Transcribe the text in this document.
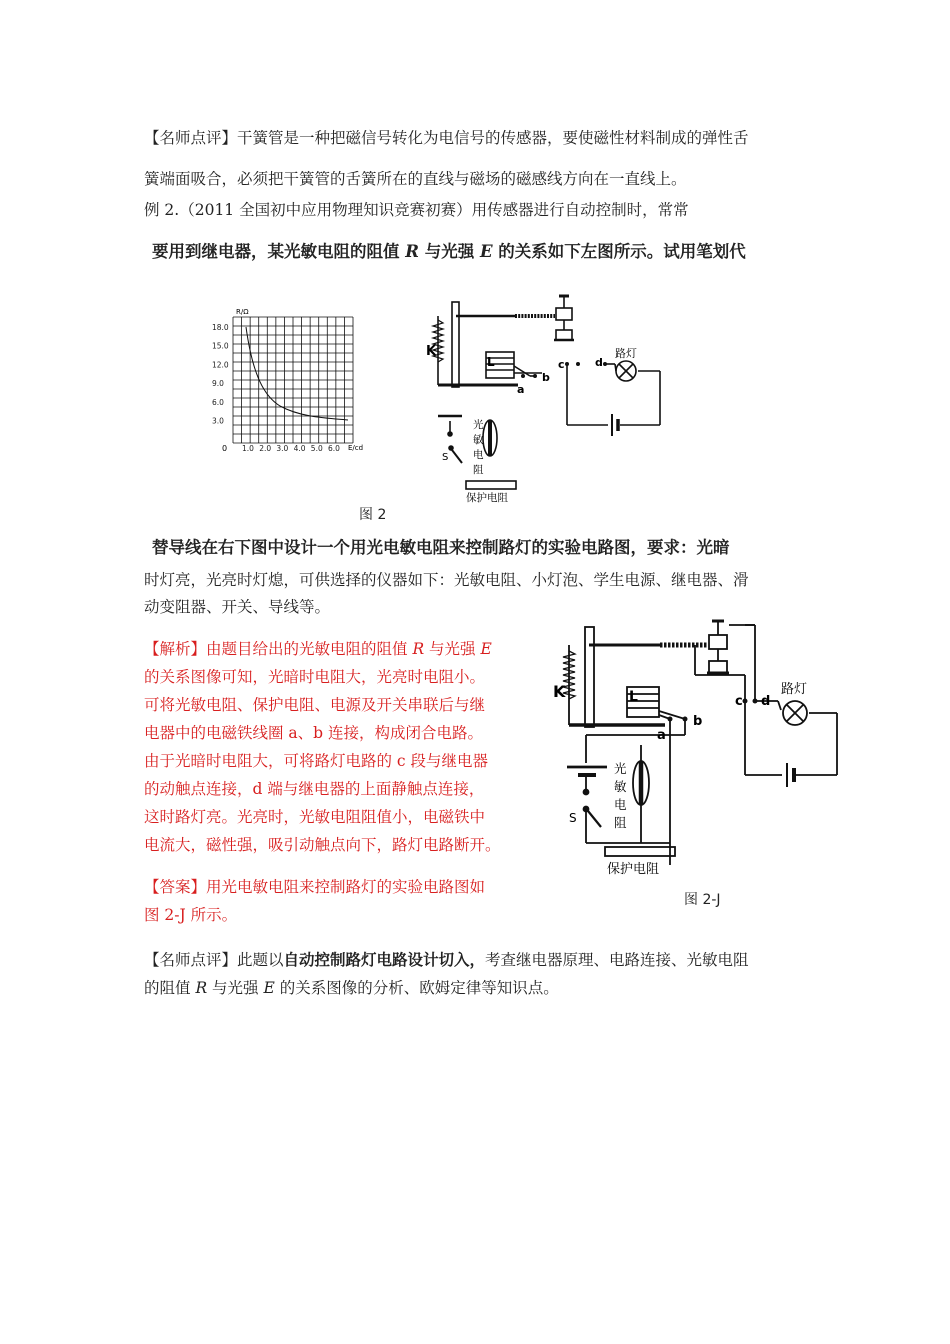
【名师点评】干簧管是一种把磁信号转化为电信号的传感器，要使磁性材料制成的弹性舌
簧端面吸合，必须把干簧管的舌簧所在的直线与磁场的磁感线方向在一直线上。
例 2.（2011 全国初中应用物理知识竞赛初赛）用传感器进行自动控制时，常常
要用到继电器，某光敏电阻的阻值 R 与光强 E 的关系如下左图所示。试用笔划代
R/Ω
0	E/cd
18.0
15.0
12.0
9.0
6.0
3.0
1.0 2.0 3.0 4.0 5.0 6.0
K
L
a
b
c	d
路灯
光
敏
电
阻
S
保护电阻
图 2
替导线在右下图中设计一个用光电敏电阻来控制路灯的实验电路图，要求：光暗
时灯亮，光亮时灯熄，可供选择的仪器如下：光敏电阻、小灯泡、学生电源、继电器、滑
动变阻器、开关、导线等。
【解析】由题目给出的光敏电阻的阻值 R 与光强 E
的关系图像可知，光暗时电阻大，光亮时电阻小。
可将光敏电阻、保护电阻、电源及开关串联后与继
电器中的电磁铁线圈 a、b 连接，构成闭合电路。
由于光暗时电阻大，可将路灯电路的 c 段与继电器
的动触点连接，d 端与继电器的上面静触点连接，
这时路灯亮。光亮时，光敏电阻阻值小，电磁铁中
电流大，磁性强，吸引动触点向下，路灯电路断开。
【答案】用光电敏电阻来控制路灯的实验电路图如
图 2-J 所示。
K	L
a
b
c d
路灯
光
敏
电
阻
S
保护电阻
图 2-J
【名师点评】此题以自动控制路灯电路设计切入，考查继电器原理、电路连接、光敏电阻
的阻值 R 与光强 E 的关系图像的分析、欧姆定律等知识点。
